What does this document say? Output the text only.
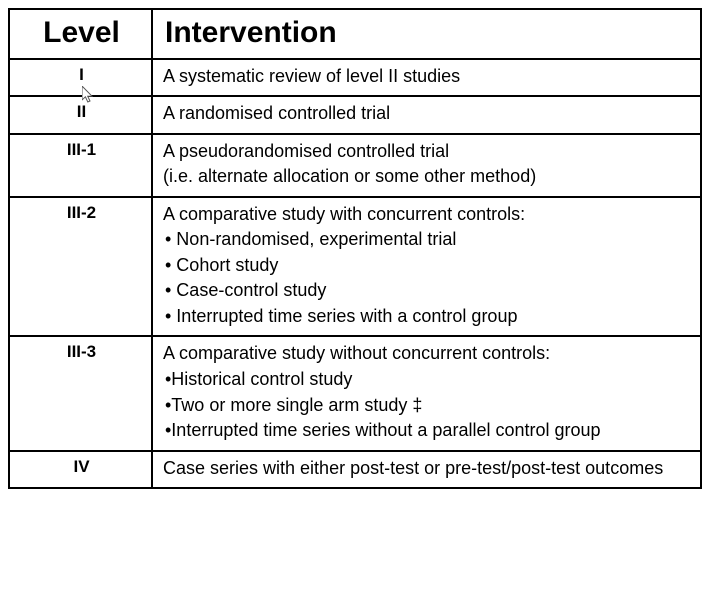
Level	Intervention
I	A systematic review of level II studies

II	A randomised controlled trial

III-1	A pseudorandomised controlled trial
(i.e. alternate allocation or some other method)

III-2	A comparative study with concurrent controls:
• Non-randomised, experimental trial
• Cohort study
• Case-control study
• Interrupted time series with a control group

III-3	A comparative study without concurrent controls:
•Historical control study
•Two or more single arm study ‡
•Interrupted time series without a parallel control group

IV	Case series with either post-test or pre-test/post-test outcomes
